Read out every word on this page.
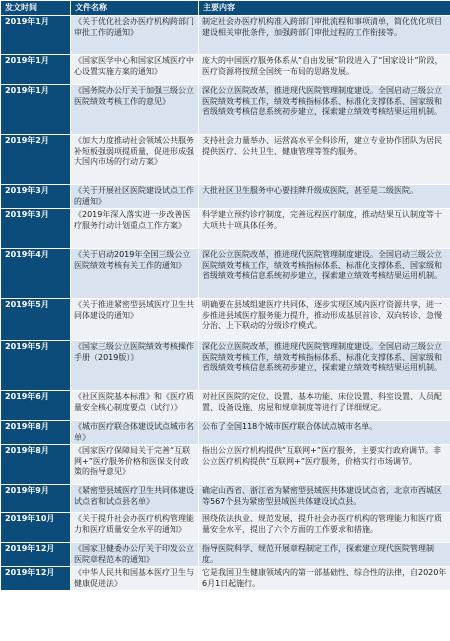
发文时间	文件名称	主要内容
2019年1月	《关于优化社会办医疗机构跨部门审批工作的通知》	制定社会办医疗机构准入跨部门审批流程和事项清单，简化优化项目建设相关审批条件，加强跨部门审批过程的工作衔接等。
2019年1月	《国家医学中心和国家区域医疗中心设置实施方案的通知》	庞大的中国医疗服务体系从“自由发展”阶段进入了“国家设计”阶段，医疗资源将按照全国统一布局的思路发展。
2019年1月	《国务院办公厅关于加强三级公立医院绩效考核工作的意见》	深化公立医院改革，推进现代医院管理制度建设。全国启动三级公立医院绩效考核工作，绩效考核指标体系、标准化支撑体系、国家级和省级绩效考核信息系统初步建立，探索建立绩效考核结果运用机制。
2019年2月	《加大力度推动社会领域公共服务补短板强弱项提质量，促进形成强大国内市场的行动方案》	支持社会力量举办、运营高水平全科诊所，建立专业协作团队为居民提供医疗、公共卫生、健康管理等签约服务。
2019年3月	《关于开展社区医院建设试点工作的通知》	大批社区卫生服务中心要挂牌升级成医院，甚至是二级医院。
2019年3月	《2019年深入落实进一步改善医疗服务行动计划重点工作方案》	科学建立预约诊疗制度，完善远程医疗制度，推动结果互认制度等十大项共十项具体任务。
2019年4月	《关于启动2019年全国三级公立医院绩效考核有关工作的通知》	深化公立医院改革，推进现代医院管理制度建设。全国启动三级公立医院绩效考核工作，绩效考核指标体系、标准化支撑体系、国家级和省级绩效考核信息系统初步建立，探索建立绩效考核结果运用机制。
2019年5月	《关于推进紧密型县域医疗卫生共同体建设的通知》	明确要在县域组建医疗共同体，逐步实现区域内医疗资源共享，进一步推进县域医疗服务能力提升，推动形成基层首诊、双向转诊、急慢分治、上下联动的分级诊疗模式。
2019年5月	《国家三级公立医院绩效考核操作手册（2019版）》	深化公立医院改革，推进现代医院管理制度建设。全国启动三级公立医院绩效考核工作，绩效考核指标体系、标准化支撑体系、国家级和省级绩效考核信息系统初步建立，探索建立绩效考核结果运用机制。
2019年6月	《社区医院基本标准》和《医疗质量安全核心制度要点（试行）》	对社区医院的定位、设置、基本功能、床位设置、科室设置、人员配置、设备设施、房屋和规章制度等进行了详细规定。
2019年8月	《城市医疗联合体建设试点城市名单》	公布了全国118个城市医疗联合体试点城市名单。
2019年8月	《国家医疗保障局关于完善“互联网+”医疗服务价格和医保支付政策的指导意见》	指出公立医疗机构提供“互联网+”医疗服务，主要实行政府调节。非公立医疗机构提供“互联网+”医疗服务，价格实行市场调节。
2019年9月	《紧密型县域医疗卫生共同体建设试点省和试点县名单》	确定山西省、浙江省为紧密型县域医共体建设试点省，北京市西城区等567个县为紧密型县域医共体建设试点县。
2019年10月	《关于提升社会办医疗机构管理能力和医疗质量安全水平的通知》	围绕依法执业、规范发展，提升社会办医疗机构的管理能力和医疗质量安全水平，提出了六个方面的工作要求和措施。
2019年12月	《国家卫健委办公厅关于印发公立医院章程范本的通知》	指导医院科学、规范开展章程制定工作，探索建立现代医院管理制度。
2019年12月	《中华人民共和国基本医疗卫生与健康促进法》	它是我国卫生健康领域内的第一部基础性、综合性的法律，自2020年6月1日起施行。
